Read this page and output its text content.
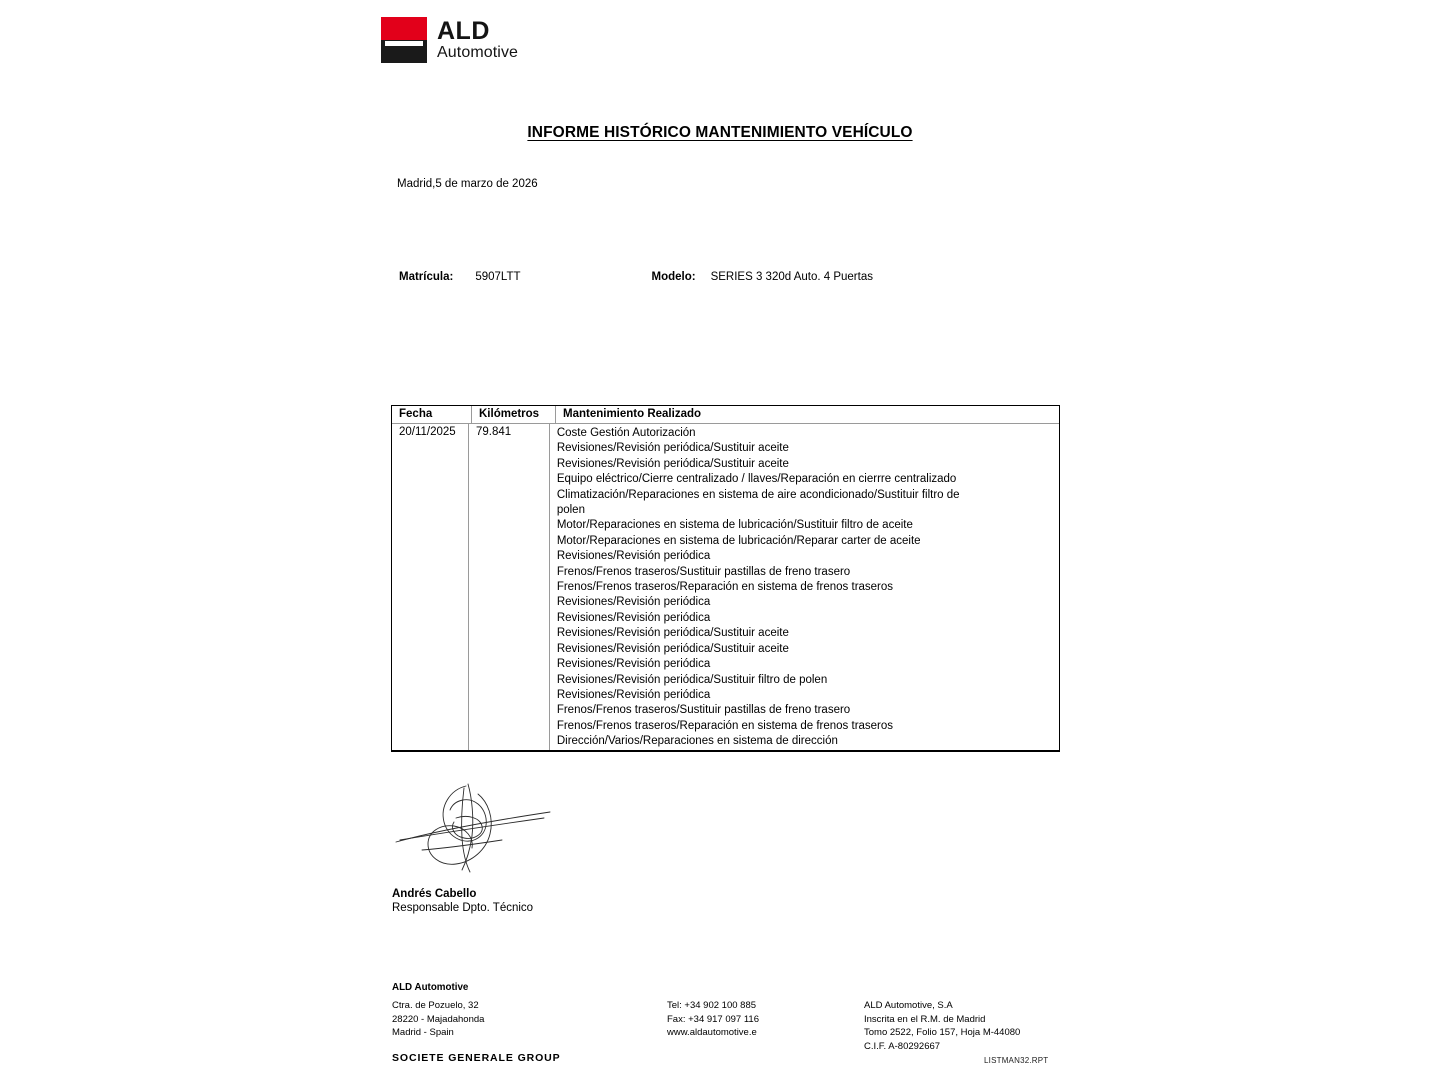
ALD
Automotive
INFORME HISTÓRICO MANTENIMIENTO VEHÍCULO
Madrid,5 de marzo de 2026
Matrícula: 5907LTT	Modelo: SERIES 3 320d Auto. 4 Puertas
Fecha	Kilómetros	Mantenimiento Realizado
20/11/2025	79.841	Coste Gestión Autorización
Revisiones/Revisión periódica/Sustituir aceite
Revisiones/Revisión periódica/Sustituir aceite
Equipo eléctrico/Cierre centralizado / llaves/Reparación en cierrre centralizado
Climatización/Reparaciones en sistema de aire acondicionado/Sustituir filtro de polen
Motor/Reparaciones en sistema de lubricación/Sustituir filtro de aceite
Motor/Reparaciones en sistema de lubricación/Reparar carter de aceite
Revisiones/Revisión periódica
Frenos/Frenos traseros/Sustituir pastillas de freno trasero
Frenos/Frenos traseros/Reparación en sistema de frenos traseros
Revisiones/Revisión periódica
Revisiones/Revisión periódica
Revisiones/Revisión periódica/Sustituir aceite
Revisiones/Revisión periódica/Sustituir aceite
Revisiones/Revisión periódica
Revisiones/Revisión periódica/Sustituir filtro de polen
Revisiones/Revisión periódica
Frenos/Frenos traseros/Sustituir pastillas de freno trasero
Frenos/Frenos traseros/Reparación en sistema de frenos traseros
Dirección/Varios/Reparaciones en sistema de dirección
Andrés Cabello
Responsable Dpto. Técnico
ALD Automotive
Ctra. de Pozuelo, 32
28220 - Majadahonda
Madrid - Spain
Tel: +34 902 100 885
Fax: +34 917 097 116
www.aldautomotive.e
ALD Automotive, S.A
Inscrita en el R.M. de Madrid
Tomo 2522, Folio 157, Hoja M-44080
C.I.F. A-80292667
SOCIETE GENERALE GROUP	LISTMAN32.RPT
